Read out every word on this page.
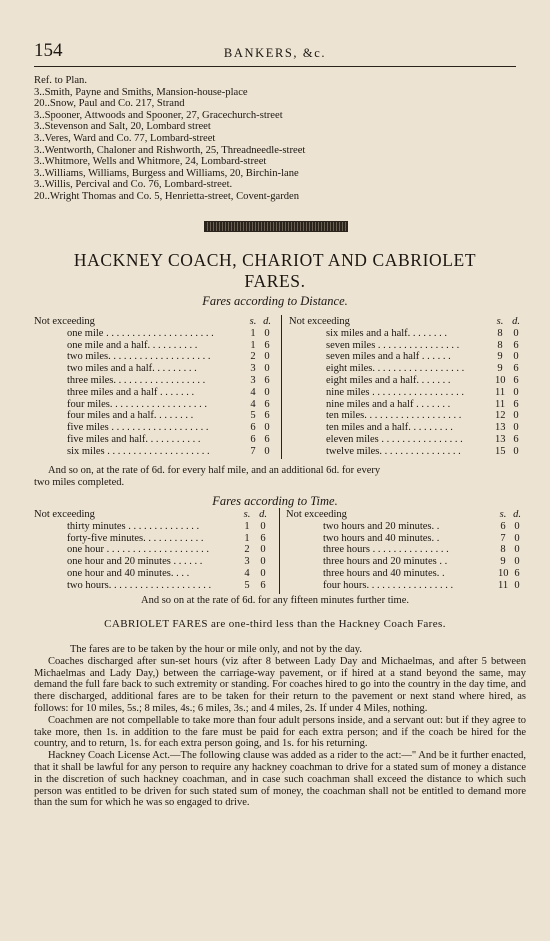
154	BANKERS, &c.
Ref. to Plan.
3..Smith, Payne and Smiths, Mansion-house-place
20..Snow, Paul and Co. 217, Strand
3..Spooner, Attwoods and Spooner, 27, Gracechurch-street
3..Stevenson and Salt, 20, Lombard street
3..Veres, Ward and Co. 77, Lombard-street
3..Wentworth, Chaloner and Rishworth, 25, Threadneedle-street
3..Whitmore, Wells and Whitmore, 24, Lombard-street
3..Williams, Williams, Burgess and Williams, 20, Birchin-lane
3..Willis, Percival and Co. 76, Lombard-street.
20..Wright Thomas and Co. 5, Henrietta-street, Covent-garden
HACKNEY COACH, CHARIOT AND CABRIOLET
FARES.
Fares according to Distance.
Not exceeding	s. d.
one mile . . . . . . . . . . . . . . . . . . . . .	1 0
one mile and a half. . . . . . . . . .	1 6
two miles. . . . . . . . . . . . . . . . . . . .	2 0
two miles and a half. . . . . . . . .	3 0
three miles. . . . . . . . . . . . . . . . . .	3 6
three miles and a half . . . . . . .	4 0
four miles. . . . . . . . . . . . . . . . . . .	4 6
four miles and a half. . . . . . . .	5 6
five miles . . . . . . . . . . . . . . . . . . .	6 0
five miles and half. . . . . . . . . . .	6 6
six miles . . . . . . . . . . . . . . . . . . . .	7 0
Not exceeding	s. d.
six miles and a half. . . . . . . .	8 0
seven miles . . . . . . . . . . . . . . . .	8 6
seven miles and a half . . . . . .	9 0
eight miles. . . . . . . . . . . . . . . . . .	9 6
eight miles and a half. . . . . . .	10 6
nine miles . . . . . . . . . . . . . . . . . .	11 0
nine miles and a half . . . . . . .	11 6
ten miles. . . . . . . . . . . . . . . . . . .	12 0
ten miles and a half. . . . . . . . .	13 0
eleven miles . . . . . . . . . . . . . . . .	13 6
twelve miles. . . . . . . . . . . . . . . .	15 0
And so on, at the rate of 6d. for every half mile, and an additional 6d. for every
two miles completed.
Fares according to Time.
Not exceeding	s. d.
thirty minutes . . . . . . . . . . . . . .	1 0
forty-five minutes. . . . . . . . . . . .	1 6
one hour . . . . . . . . . . . . . . . . . . . .	2 0
one hour and 20 minutes . . . . . .	3 0
one hour and 40 minutes. . . .	4 0
two hours. . . . . . . . . . . . . . . . . . . .	5 6
Not exceeding	s. d.
two hours and 20 minutes. .	6 0
two hours and 40 minutes. .	7 0
three hours . . . . . . . . . . . . . . .	8 0
three hours and 20 minutes . .	9 0
three hours and 40 minutes. .	10 6
four hours. . . . . . . . . . . . . . . . .	11 0
And so on at the rate of 6d. for any fifteen minutes further time.
CABRIOLET FARES are one-third less than the Hackney Coach Fares.
The fares are to be taken by the hour or mile only, and not by the day.
Coaches discharged after sun-set hours (viz after 8 between Lady Day and Michaelmas, and after 5 between Michaelmas and Lady Day,) between the carriage-way pavement, or if hired at a stand beyond the same, may demand the full fare back to such extremity or standing. For coaches hired to go into the country in the day time, and there discharged, additional fares are to be taken for their return to the pavement or next stand where hired, as follows: for 10 miles, 5s.; 8 miles, 4s.; 6 miles, 3s.; and 4 miles, 2s. If under 4 Miles, nothing.
Coachmen are not compellable to take more than four adult persons inside, and a servant out: but if they agree to take more, then 1s. in addition to the fare must be paid for each extra person; and if the coach be hired for the country, and to return, 1s. for each extra person going, and 1s. for his returning.
Hackney Coach License Act.—The following clause was added as a rider to the act:—" And be it further enacted, that it shall be lawful for any person to require any hackney coachman to drive for a stated sum of money a distance in the discretion of such hackney coachman, and in case such coachman shall exceed the distance to which such person was entitled to be driven for such stated sum of money, the coachman shall not be entitled to demand more than the sum for which he was so engaged to drive.
